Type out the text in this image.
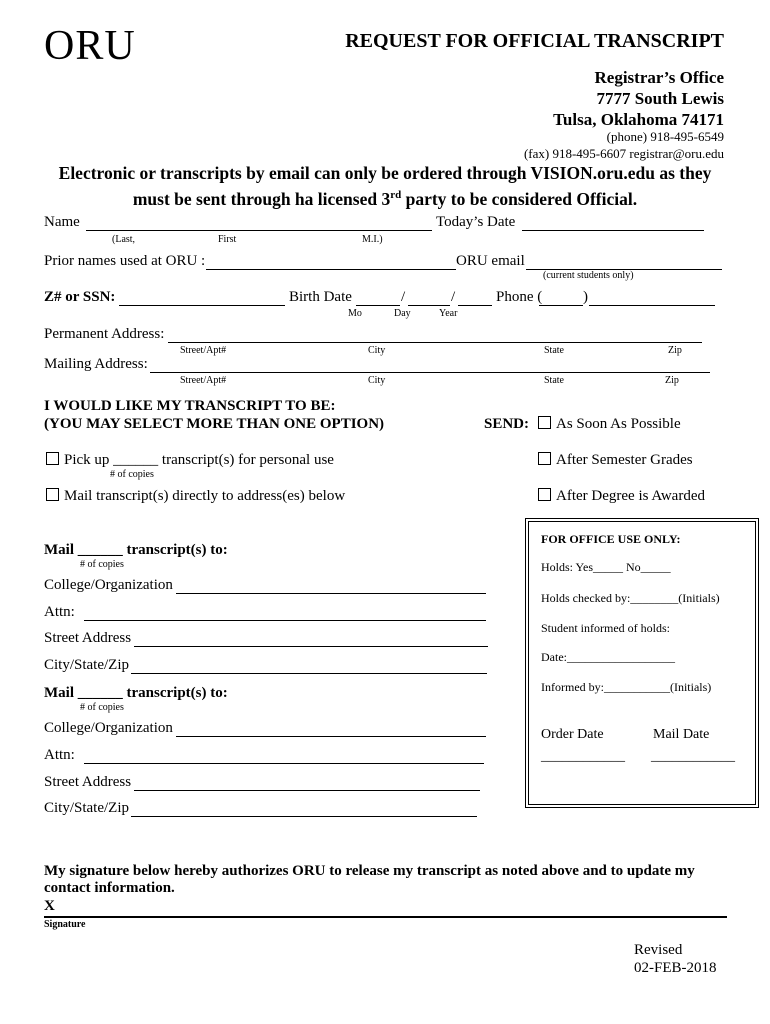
ORU	REQUEST FOR OFFICIAL TRANSCRIPT
Registrar’s Office
7777 South Lewis
Tulsa, Oklahoma 74171
(phone) 918-495-6549
(fax) 918-495-6607 registrar@oru.edu
Electronic or transcripts by email can only be ordered through VISION.oru.edu as they
must be sent through ha licensed 3rd party to be considered Official.
Name
(Last,	First	M.I.)
Today’s Date
Prior names used at ORU :	ORU email
(current students only)
Z# or SSN:	Birth Date	/	/
Mo	Day	Year
Phone (	)
Permanent Address:
Street/Apt#	City	State	Zip
Mailing Address:
Street/Apt#	City	State	Zip
I WOULD LIKE MY TRANSCRIPT TO BE:
(YOU MAY SELECT MORE THAN ONE OPTION)	SEND:	As Soon As Possible
Pick up ______ transcript(s) for personal use
# of copies
After Semester Grades
Mail transcript(s) directly to address(es) below	After Degree is Awarded
Mail ______ transcript(s) to:
# of copies
College/Organization
Attn:
Street Address
City/State/Zip
Mail ______ transcript(s) to:
# of copies
College/Organization
Attn:
Street Address
City/State/Zip
FOR OFFICE USE ONLY:
Holds: Yes_____ No_____
Holds checked by:________(Initials)
Student informed of holds:
Date:__________________
Informed by:___________(Initials)
Order Date	Mail Date
____________ ____________
My signature below hereby authorizes ORU to release my transcript as noted above and to update my
contact information.
X
Signature
Revised
02-FEB-2018
